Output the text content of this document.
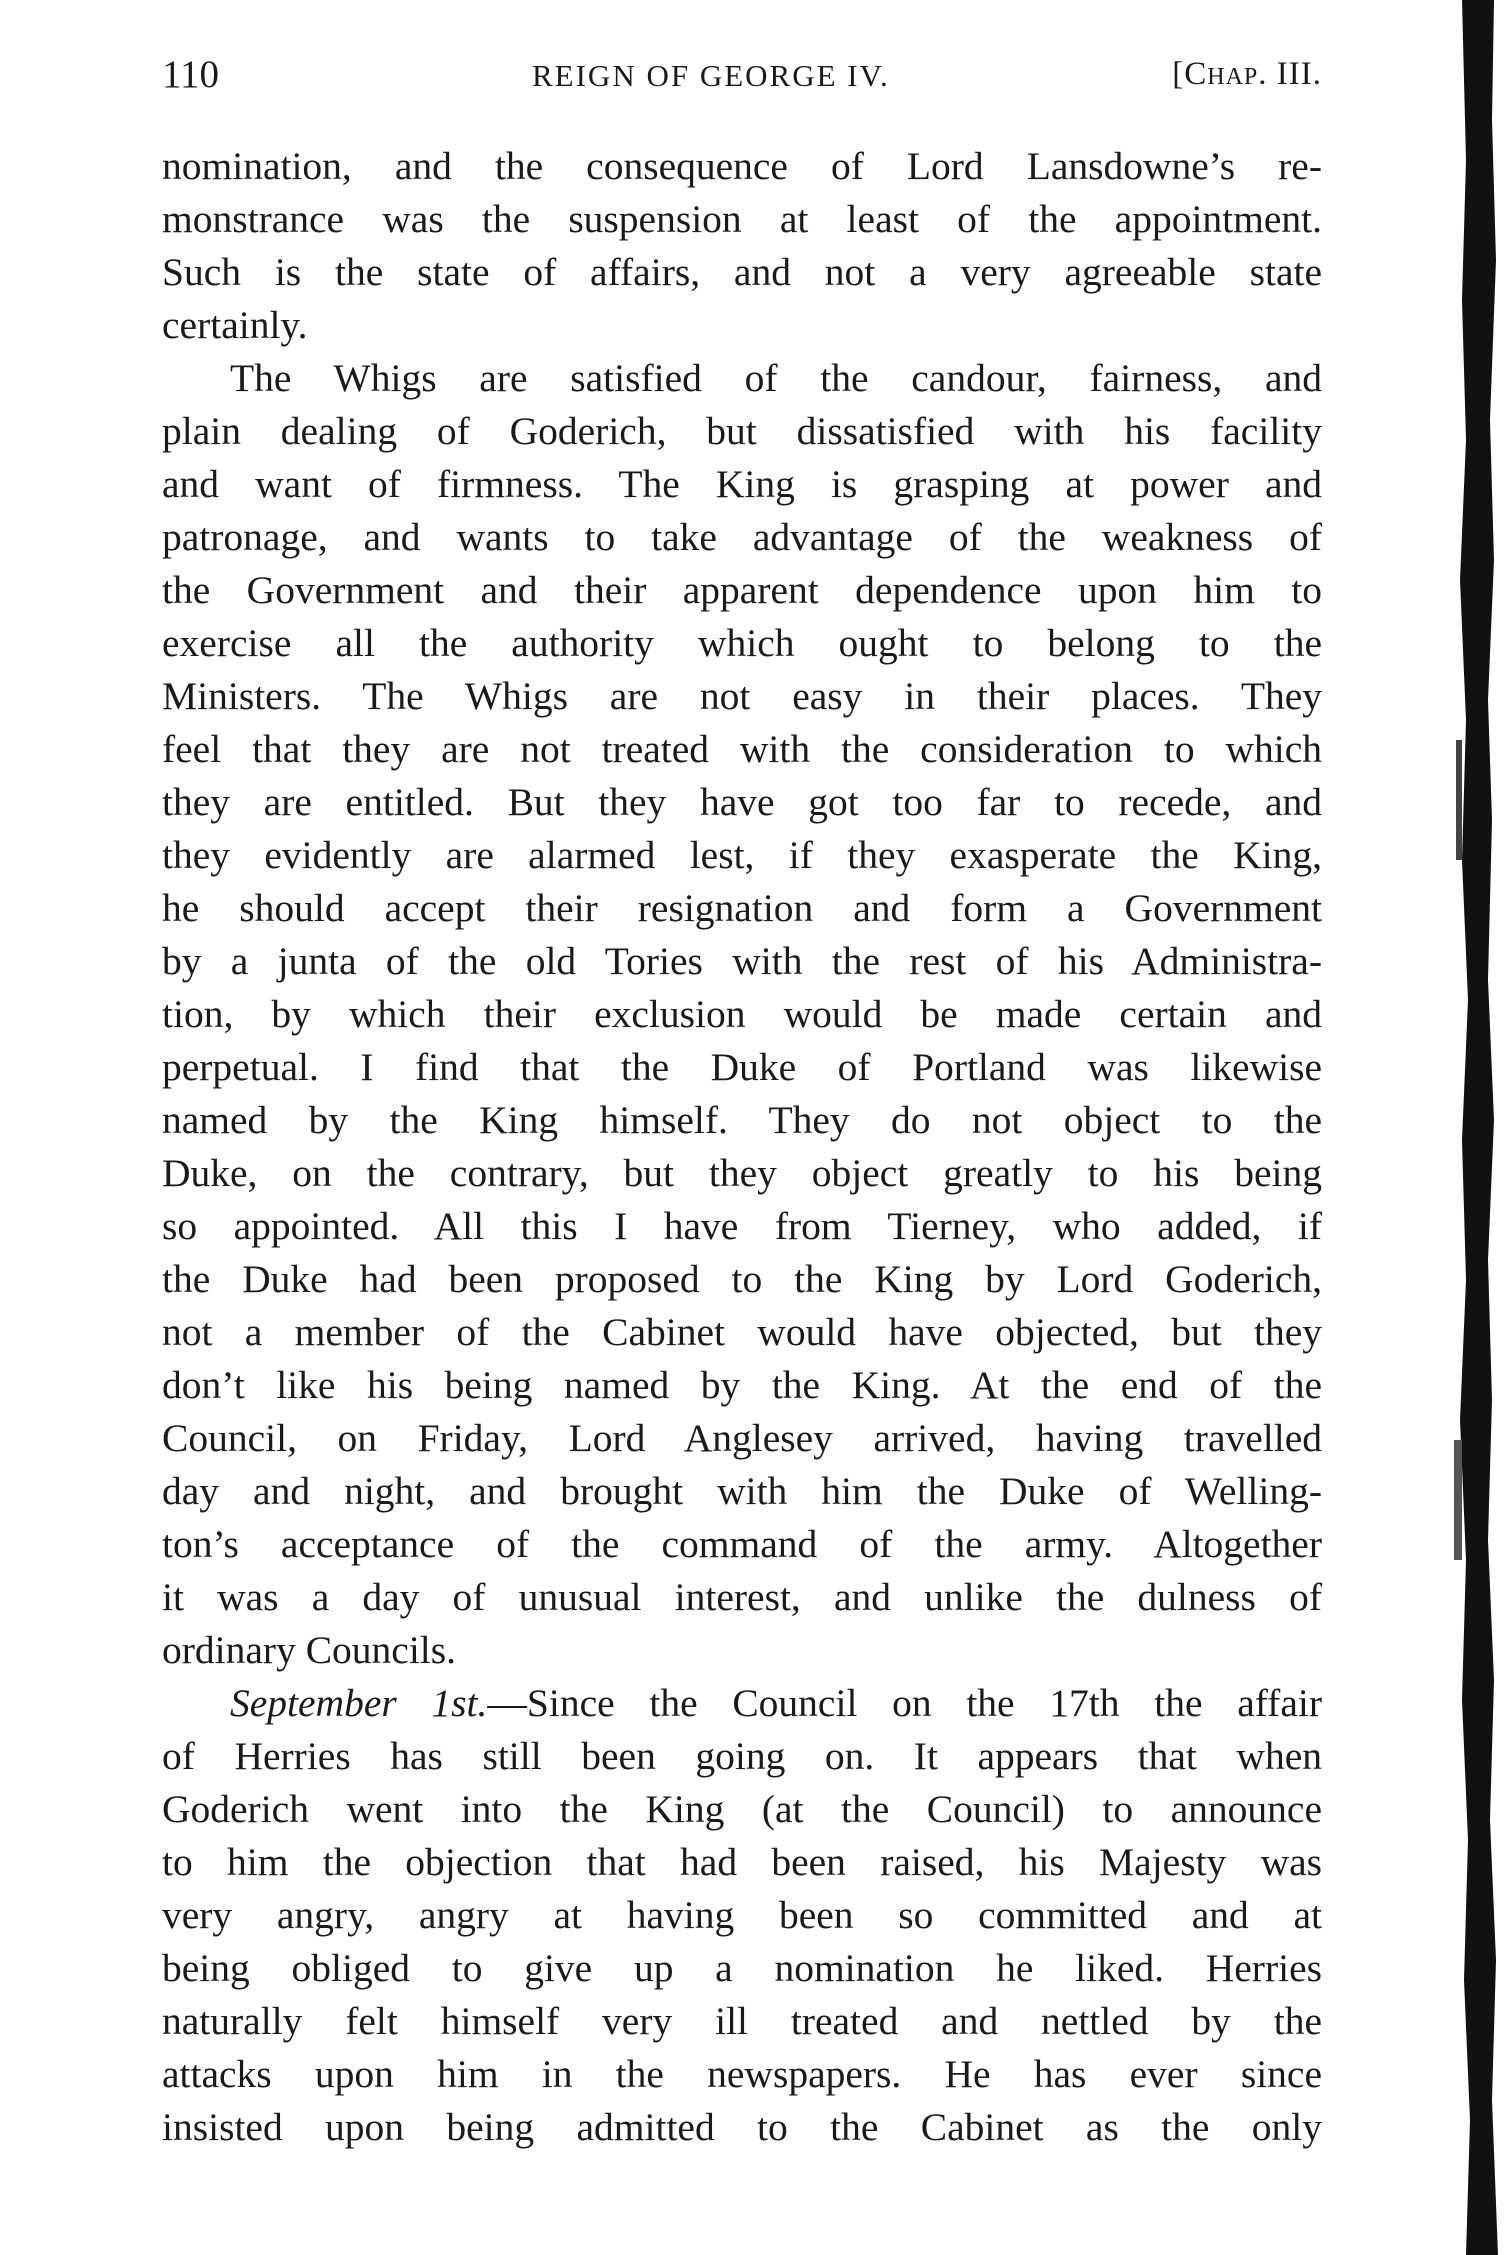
110	REIGN OF GEORGE IV.	[CHAP. III.
nomination, and the consequence of Lord Lansdowne’s re-
monstrance was the suspension at least of the appointment.
Such is the state of affairs, and not a very agreeable state
certainly.
The Whigs are satisfied of the candour, fairness, and
plain dealing of Goderich, but dissatisfied with his facility
and want of firmness. The King is grasping at power and
patronage, and wants to take advantage of the weakness of
the Government and their apparent dependence upon him to
exercise all the authority which ought to belong to the
Ministers. The Whigs are not easy in their places. They
feel that they are not treated with the consideration to which
they are entitled. But they have got too far to recede, and
they evidently are alarmed lest, if they exasperate the King,
he should accept their resignation and form a Government
by a junta of the old Tories with the rest of his Administra-
tion, by which their exclusion would be made certain and
perpetual. I find that the Duke of Portland was likewise
named by the King himself. They do not object to the
Duke, on the contrary, but they object greatly to his being
so appointed. All this I have from Tierney, who added, if
the Duke had been proposed to the King by Lord Goderich,
not a member of the Cabinet would have objected, but they
don’t like his being named by the King. At the end of the
Council, on Friday, Lord Anglesey arrived, having travelled
day and night, and brought with him the Duke of Welling-
ton’s acceptance of the command of the army. Altogether
it was a day of unusual interest, and unlike the dulness of
ordinary Councils.
September 1st.—Since the Council on the 17th the affair
of Herries has still been going on. It appears that when
Goderich went into the King (at the Council) to announce
to him the objection that had been raised, his Majesty was
very angry, angry at having been so committed and at
being obliged to give up a nomination he liked. Herries
naturally felt himself very ill treated and nettled by the
attacks upon him in the newspapers. He has ever since
insisted upon being admitted to the Cabinet as the only
